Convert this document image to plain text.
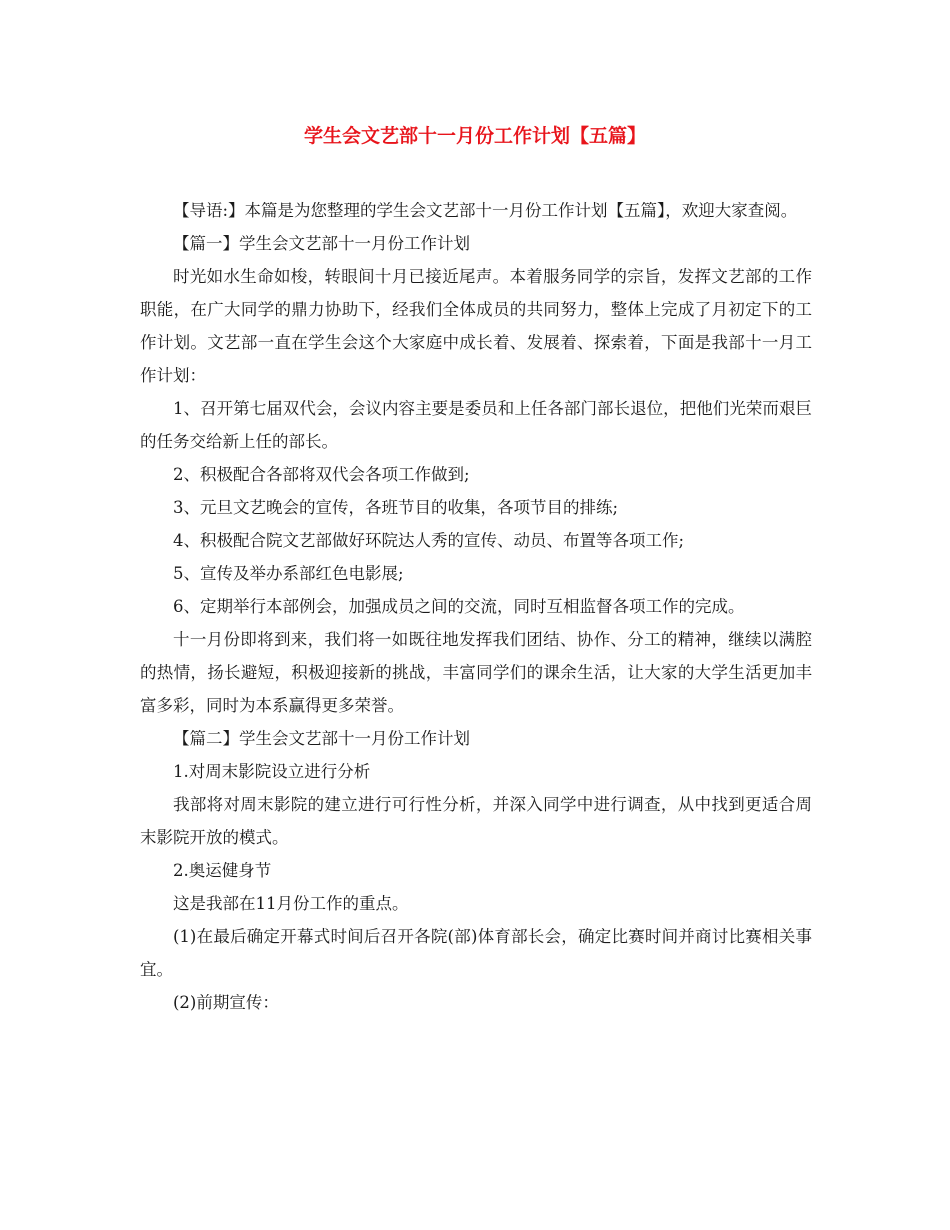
学生会文艺部十一月份工作计划【五篇】

【导语:】本篇是为您整理的学生会文艺部十一月份工作计划【五篇】，欢迎大家查阅。

【篇一】学生会文艺部十一月份工作计划

时光如水生命如梭，转眼间十月已接近尾声。本着服务同学的宗旨，发挥文艺部的工作职能，在广大同学的鼎力协助下，经我们全体成员的共同努力，整体上完成了月初定下的工作计划。文艺部一直在学生会这个大家庭中成长着、发展着、探索着，下面是我部十一月工作计划：

1、召开第七届双代会，会议内容主要是委员和上任各部门部长退位，把他们光荣而艰巨的任务交给新上任的部长。

2、积极配合各部将双代会各项工作做到;

3、元旦文艺晚会的宣传，各班节目的收集，各项节目的排练;

4、积极配合院文艺部做好环院达人秀的宣传、动员、布置等各项工作;

5、宣传及举办系部红色电影展;

6、定期举行本部例会，加强成员之间的交流，同时互相监督各项工作的完成。

十一月份即将到来，我们将一如既往地发挥我们团结、协作、分工的精神，继续以满腔的热情，扬长避短，积极迎接新的挑战，丰富同学们的课余生活，让大家的大学生活更加丰富多彩，同时为本系赢得更多荣誉。

【篇二】学生会文艺部十一月份工作计划

1.对周末影院设立进行分析

我部将对周末影院的建立进行可行性分析，并深入同学中进行调查，从中找到更适合周末影院开放的模式。

2.奥运健身节

这是我部在11月份工作的重点。

(1)在最后确定开幕式时间后召开各院(部)体育部长会，确定比赛时间并商讨比赛相关事宜。

(2)前期宣传：
